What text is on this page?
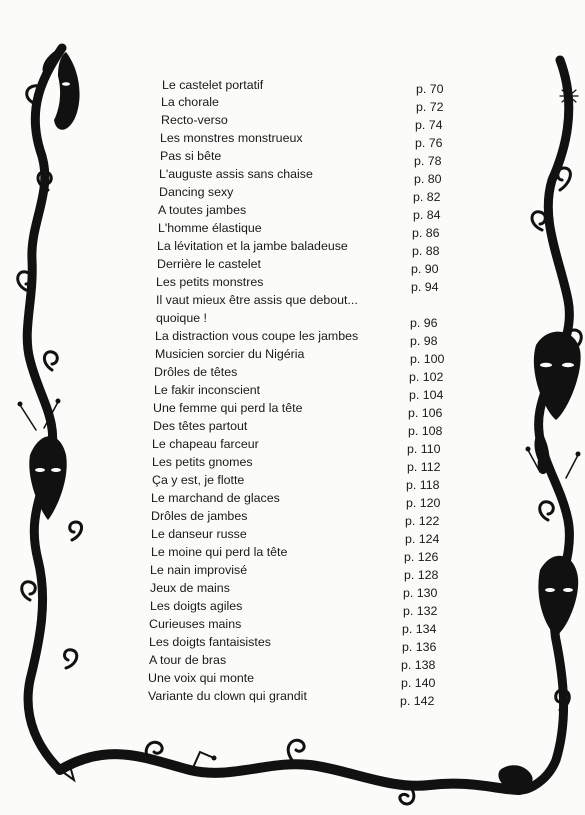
Le castelet portatif	p. 70
La chorale	p. 72
Recto-verso	p. 74
Les monstres monstrueux	p. 76
Pas si bête	p. 78
L'auguste assis sans chaise	p. 80
Dancing sexy	p. 82
A toutes jambes	p. 84
L'homme élastique	p. 86
La lévitation et la jambe baladeuse	p. 88
Derrière le castelet	p. 90
Les petits monstres	p. 94
Il vaut mieux être assis que debout...
quoique !	p. 96
La distraction vous coupe les jambes	p. 98
Musicien sorcier du Nigéria	p. 100
Drôles de têtes	p. 102
Le fakir inconscient	p. 104
Une femme qui perd la tête	p. 106
Des têtes partout	p. 108
Le chapeau farceur	p. 110
Les petits gnomes	p. 112
Ça y est, je flotte	p. 118
Le marchand de glaces	p. 120
Drôles de jambes	p. 122
Le danseur russe	p. 124
Le moine qui perd la tête	p. 126
Le nain improvisé	p. 128
Jeux de mains	p. 130
Les doigts agiles	p. 132
Curieuses mains	p. 134
Les doigts fantaisistes	p. 136
A tour de bras	p. 138
Une voix qui monte	p. 140
Variante du clown qui grandit	p. 142
